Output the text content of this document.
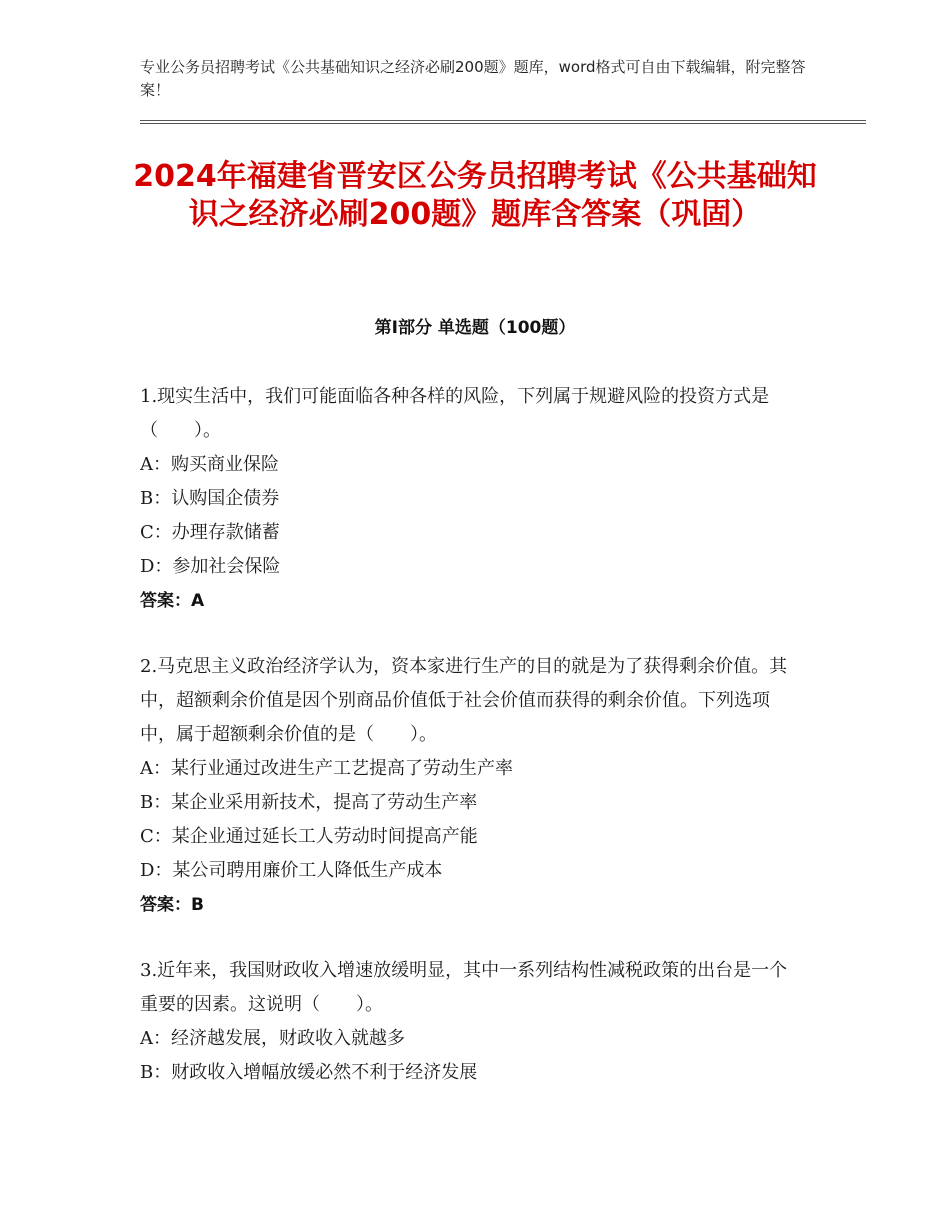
专业公务员招聘考试《公共基础知识之经济必刷200题》题库，word格式可自由下载编辑，附完整答案！
2024年福建省晋安区公务员招聘考试《公共基础知识之经济必刷200题》题库含答案（巩固）
第I部分 单选题（100题）

1.现实生活中，我们可能面临各种各样的风险，下列属于规避风险的投资方式是（　　）。

A：购买商业保险

B：认购国企债券

C：办理存款储蓄

D：参加社会保险

答案：A

2.马克思主义政治经济学认为，资本家进行生产的目的就是为了获得剩余价值。其中，超额剩余价值是因个别商品价值低于社会价值而获得的剩余价值。下列选项中，属于超额剩余价值的是（　　）。

A：某行业通过改进生产工艺提高了劳动生产率

B：某企业采用新技术，提高了劳动生产率

C：某企业通过延长工人劳动时间提高产能

D：某公司聘用廉价工人降低生产成本

答案：B

3.近年来，我国财政收入增速放缓明显，其中一系列结构性减税政策的出台是一个重要的因素。这说明（　　）。

A：经济越发展，财政收入就越多

B：财政收入增幅放缓必然不利于经济发展
